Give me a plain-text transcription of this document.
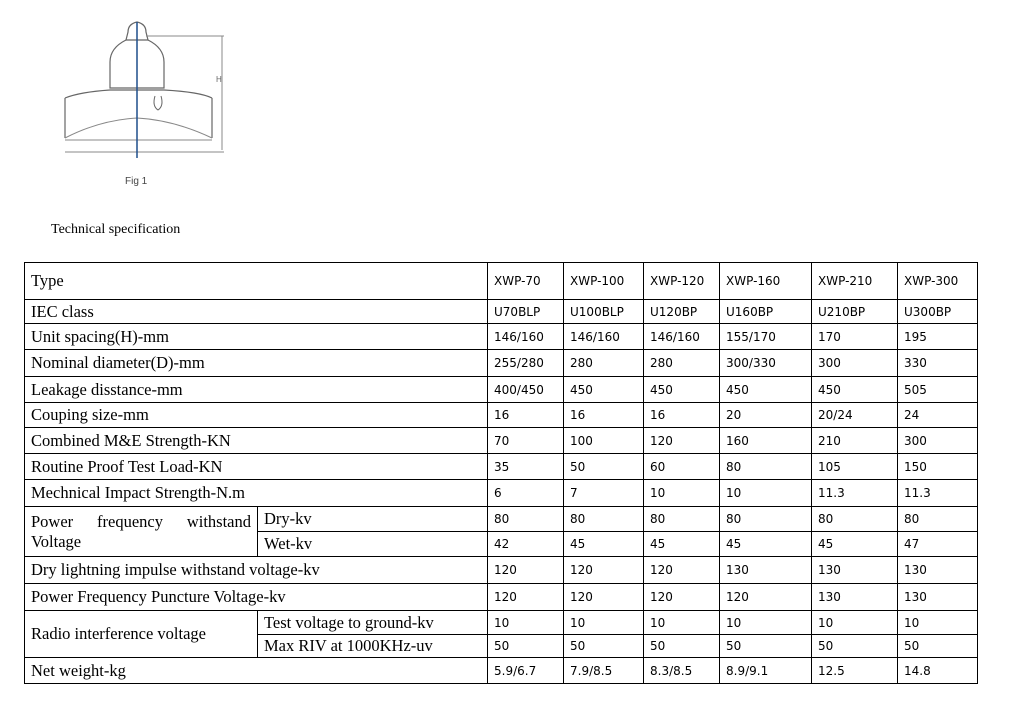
H
Fig 1
Technical specification
Type		XWP-70	XWP-100	XWP-120	XWP-160	XWP-210	XWP-300
IEC class		U70BLP	U100BLP	U120BP	U160BP	U210BP	U300BP
Unit spacing(H)-mm		146/160	146/160	146/160	155/170	170	195
Nominal diameter(D)-mm		255/280	280	280	300/330	300	330
Leakage disstance-mm		400/450	450	450	450	450	505
Couping size-mm		16	16	16	20	20/24	24
Combined M&E Strength-KN		70	100	120	160	210	300
Routine Proof Test Load-KN		35	50	60	80	105	150
Mechnical Impact Strength-N.m		6	7	10	10	11.3	11.3

Power frequency withstand
Voltage	Dry-kv	80	80	80	80	80	80
	Wet-kv	42	45	45	45	45	47
Dry lightning impulse withstand voltage-kv		120	120	120	130	130	130
Power Frequency Puncture Voltage-kv		120	120	120	120	130	130
Radio interference voltage	Test voltage to ground-kv	10	10	10	10	10	10
	Max RIV at 1000KHz-uv	50	50	50	50	50	50
Net weight-kg		5.9/6.7	7.9/8.5	8.3/8.5	8.9/9.1	12.5	14.8
